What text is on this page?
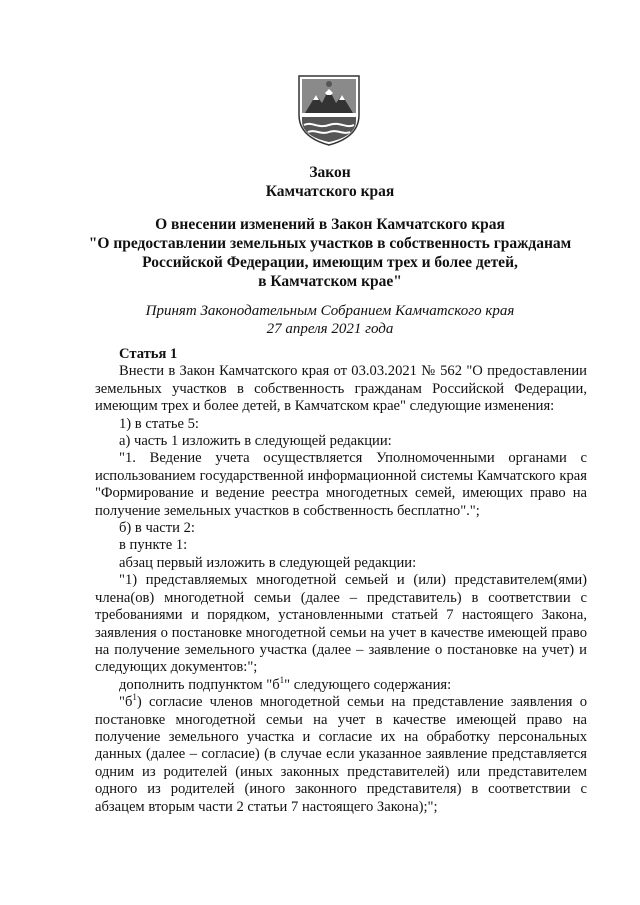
Закон
Камчатского края
О внесении изменений в Закон Камчатского края
"О предоставлении земельных участков в собственность гражданам
Российской Федерации, имеющим трех и более детей,
в Камчатском крае"
Принят Законодательным Собранием Камчатского края
27 апреля 2021 года

Статья 1

Внести в Закон Камчатского края от 03.03.2021 № 562 "О предоставлении земельных участков в собственность гражданам Российской Федерации, имеющим трех и более детей, в Камчатском крае" следующие изменения:

1) в статье 5:

а) часть 1 изложить в следующей редакции:

"1. Ведение учета осуществляется Уполномоченными органами с использованием государственной информационной системы Камчатского края "Формирование и ведение реестра многодетных семей, имеющих право на получение земельных участков в собственность бесплатно".";

б) в части 2:

в пункте 1:

абзац первый изложить в следующей редакции:

"1) представляемых многодетной семьей и (или) представителем(ями) члена(ов) многодетной семьи (далее – представитель) в соответствии с требованиями и порядком, установленными статьей 7 настоящего Закона, заявления о постановке многодетной семьи на учет в качестве имеющей право на получение земельного участка (далее – заявление о постановке на учет) и следующих документов:";

дополнить подпунктом "$б^1$" следующего содержания:

"$б^1$) согласие членов многодетной семьи на представление заявления о постановке многодетной семьи на учет в качестве имеющей право на получение земельного участка и согласие их на обработку персональных данных (далее – согласие) (в случае если указанное заявление представляется одним из родителей (иных законных представителей) или представителем одного из родителей (иного законного представителя) в соответствии с абзацем вторым части 2 статьи 7 настоящего Закона);";
